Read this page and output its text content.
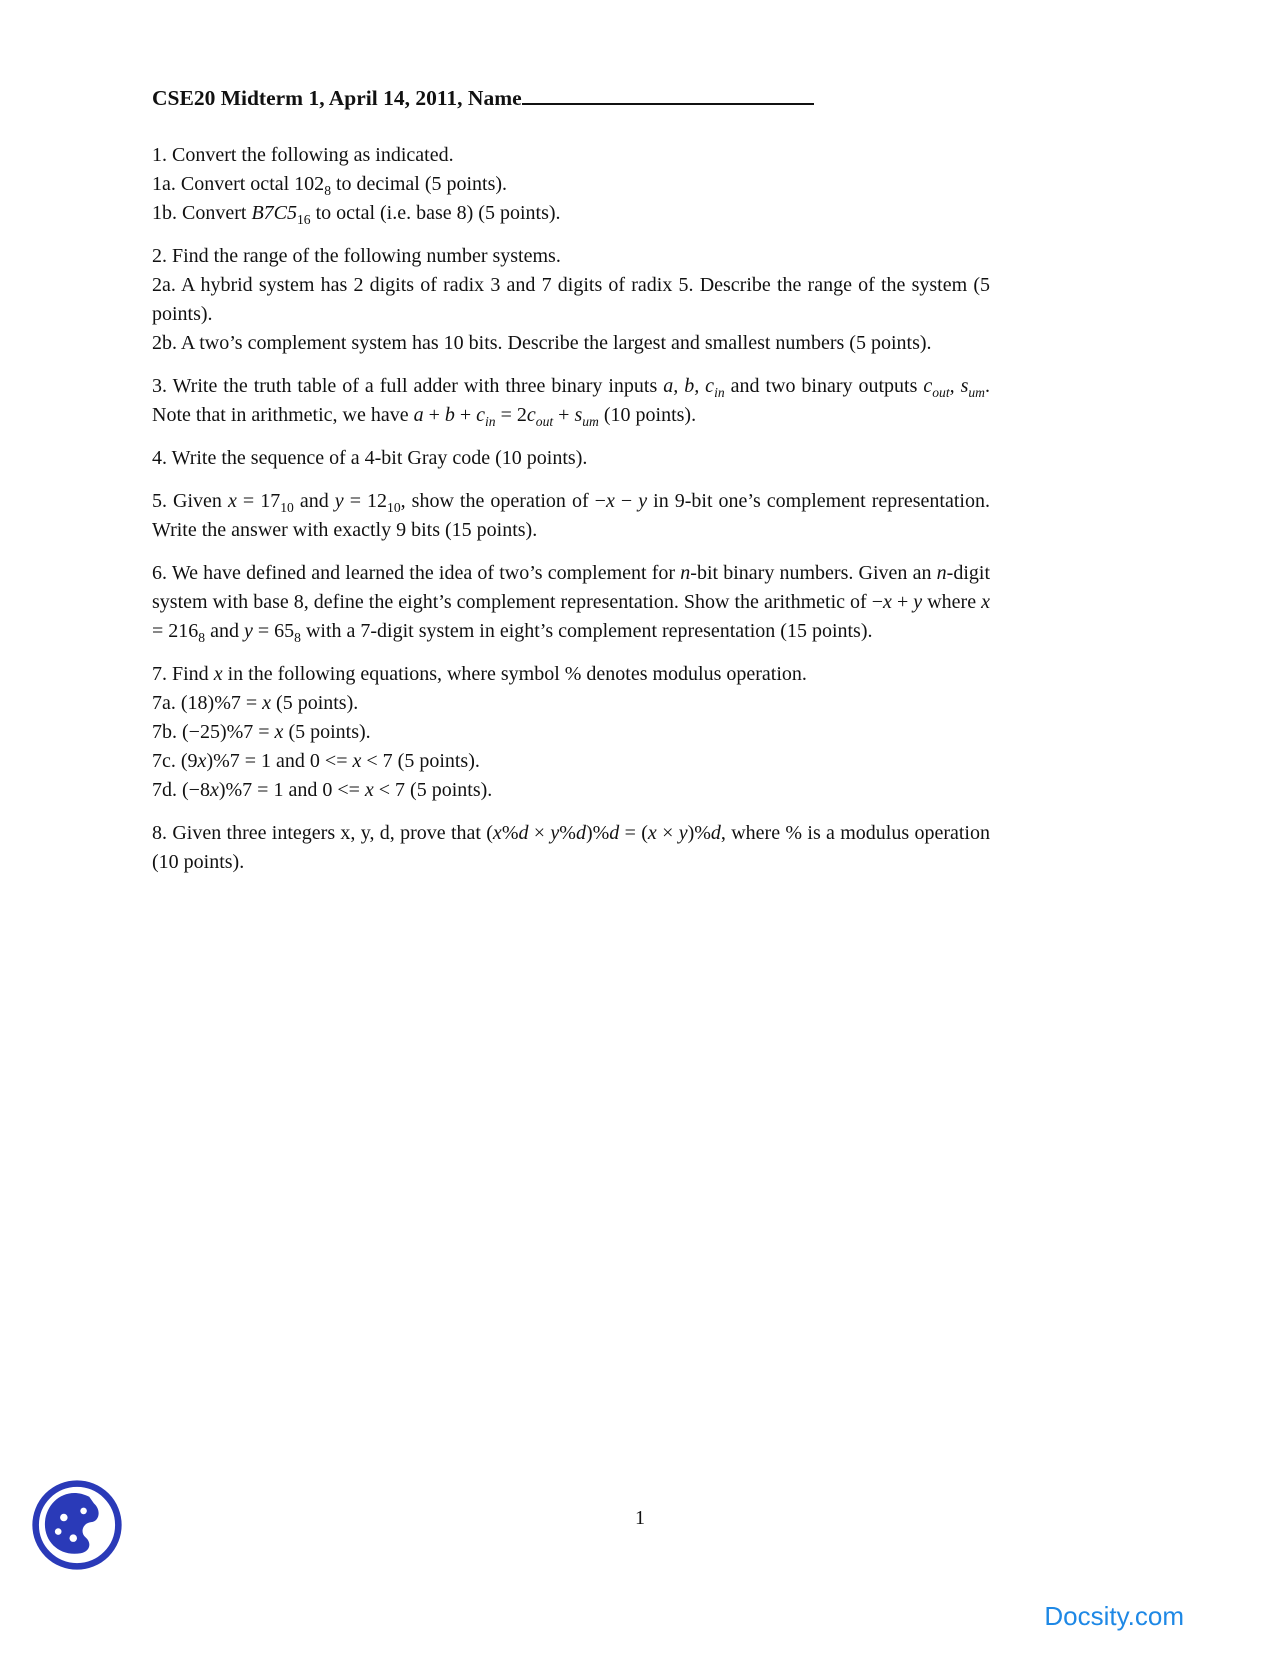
CSE20 Midterm 1, April 14, 2011, Name

1. Convert the following as indicated.

1a. Convert octal $102_8$ to decimal (5 points).

1b. Convert $B7C5_{16}$ to octal (i.e. base 8) (5 points).

2. Find the range of the following number systems.

2a. A hybrid system has 2 digits of radix 3 and 7 digits of radix 5. Describe the range of the system (5 points).

2b. A two’s complement system has 10 bits. Describe the largest and smallest numbers (5 points).

3. Write the truth table of a full adder with three binary inputs a, b, $c_{in}$ and two binary outputs $c_{out}$, $s_{um}$. Note that in arithmetic, we have $a + b + c_{in} = 2c_{out} + s_{um}$ (10 points).

4. Write the sequence of a 4-bit Gray code (10 points).

5. Given $x = 17_{10}$ and $y = 12_{10}$, show the operation of −x − y in 9-bit one’s complement representation. Write the answer with exactly 9 bits (15 points).

6. We have defined and learned the idea of two’s complement for n-bit binary numbers. Given an n-digit system with base 8, define the eight’s complement representation. Show the arithmetic of −x + y where $x = 216_8$ and $y = 65_8$ with a 7-digit system in eight’s complement representation (15 points).

7. Find x in the following equations, where symbol % denotes modulus operation.

7a. (18)%7 = x (5 points).

7b. (−25)%7 = x (5 points).

7c. (9x)%7 = 1 and 0 <= x < 7 (5 points).

7d. (−8x)%7 = 1 and 0 <= x < 7 (5 points).

8. Given three integers x, y, d, prove that (x%d × y%d)%d = (x × y)%d, where % is a modulus operation (10 points).

1
Docsity.com
